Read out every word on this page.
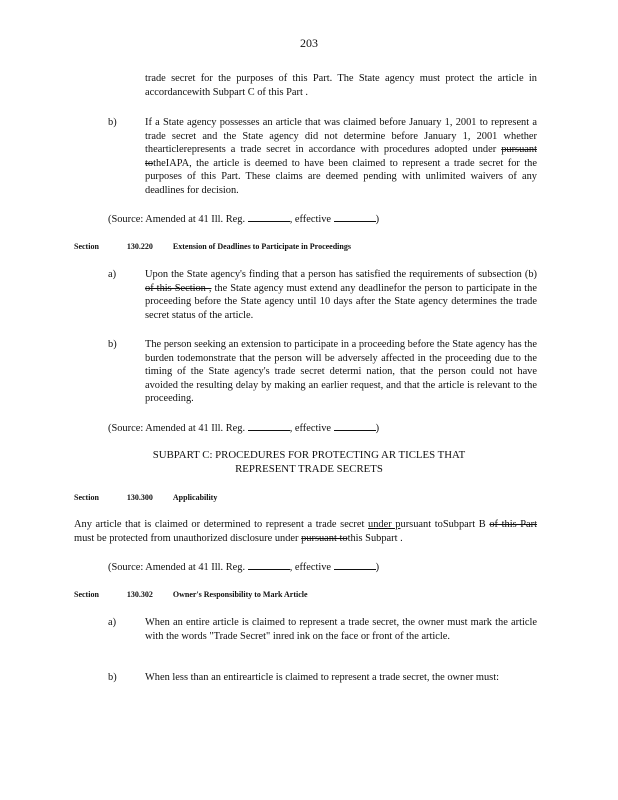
203
trade secret for the purposes of this Part. The State agency must protect the article in accordancewith Subpart C of this Part .
b)	If a State agency possesses an article that was claimed before January 1, 2001 to represent a trade secret and the State agency did not determine before January 1, 2001 whether thearticlerepresents a trade secret in accordance with procedures adopted under pursuant totheIAPA, the article is deemed to have been claimed to represent a trade secret for the purposes of this Part. These claims are deemed pending with unlimited waivers of any deadlines for decision.
(Source: Amended at 41 Ill. Reg.	, effective	)
Section	130.220	Extension of Deadlines to Participate in Proceedings
a)	Upon the State agency's finding that a person has satisfied the requirements of subsection (b) of this Section , the State agency must extend any deadlinefor the person to participate in the proceeding before the State agency until 10 days after the State agency determines the trade secret status of the article.
b)	The person seeking an extension to participate in a proceeding before the State agency has the burden todemonstrate that the person will be adversely affected in the proceeding due to the timing of the State agency's trade secret determi nation, that the person could not have avoided the resulting delay by making an earlier request, and that the article is relevant to the proceeding.
(Source: Amended at 41 Ill. Reg.	, effective	)
SUBPART C: PROCEDURES FOR PROTECTING AR TICLES THAT
REPRESENT TRADE SECRETS
Section	130.300	Applicability
Any article that is claimed or determined to represent a trade secret under pursuant toSubpart B of this Part must be protected from unauthorized disclosure under pursuant tothis Subpart .
(Source: Amended at 41 Ill. Reg.	, effective	)
Section	130.302	Owner's Responsibility to Mark Article
a)	When an entire article is claimed to represent a trade secret, the owner must mark the article with the words "Trade Secret" inred ink on the face or front of the article.
b)	When less than an entirearticle is claimed to represent a trade secret, the owner must:
